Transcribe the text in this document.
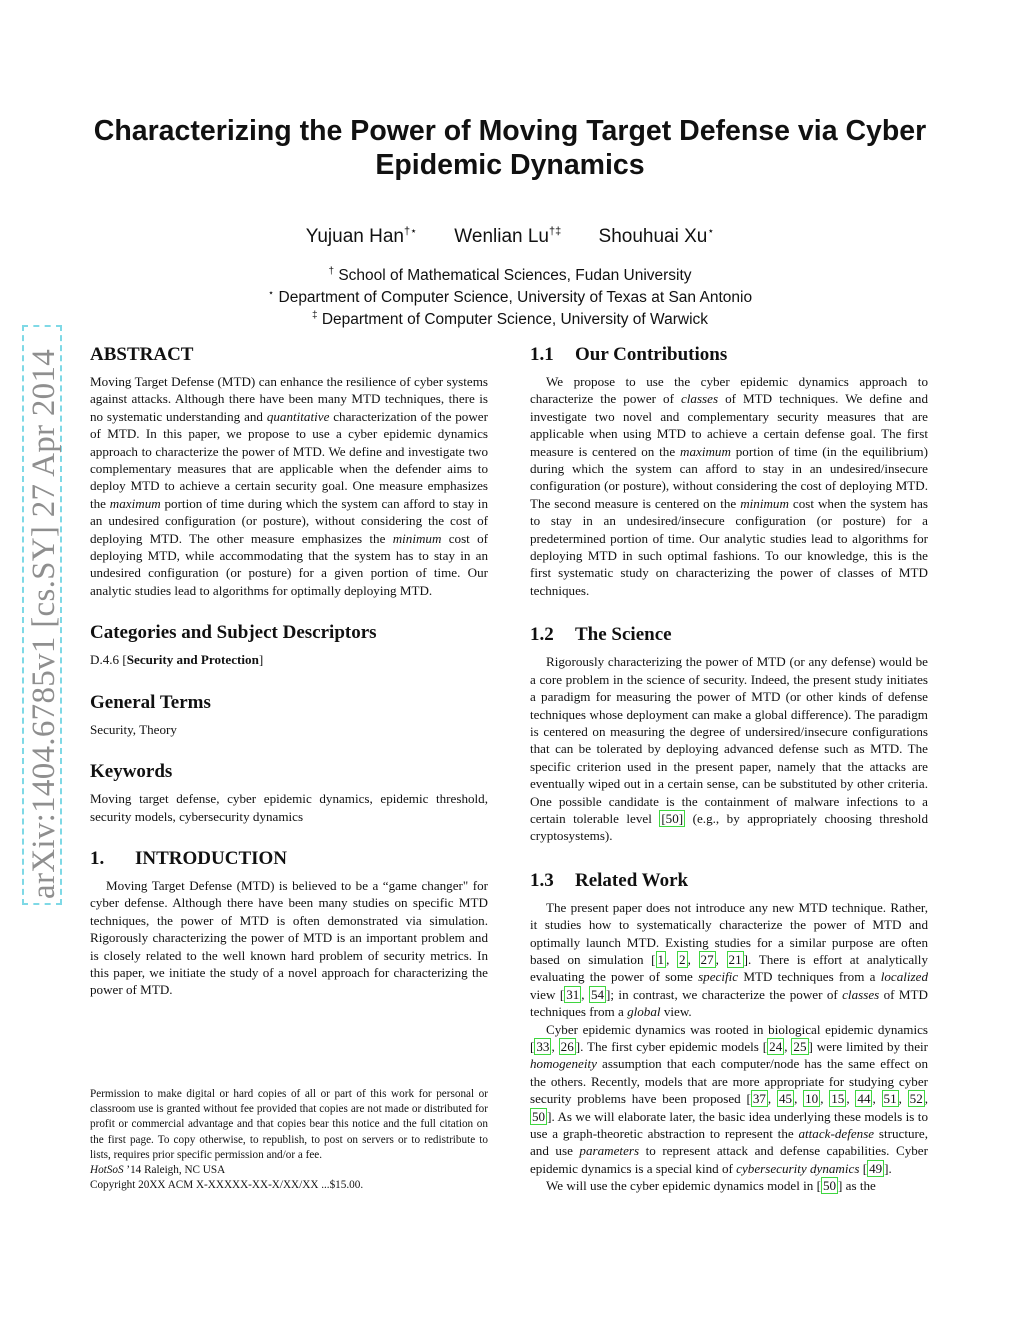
Characterizing the Power of Moving Target Defense via Cyber Epidemic Dynamics
Yujuan Han†⋆ Wenlian Lu†‡ Shouhuai Xu⋆
† School of Mathematical Sciences, Fudan University
⋆ Department of Computer Science, University of Texas at San Antonio
‡ Department of Computer Science, University of Warwick
arXiv:1404.6785v1 [cs.SY] 27 Apr 2014 ABSTRACT

Moving Target Defense (MTD) can enhance the resilience of cyber systems against attacks. Although there have been many MTD techniques, there is no systematic understanding and quantitative characterization of the power of MTD. In this paper, we propose to use a cyber epidemic dynamics approach to characterize the power of MTD. We define and investigate two complementary measures that are applicable when the defender aims to deploy MTD to achieve a certain security goal. One measure emphasizes the maximum portion of time during which the system can afford to stay in an undesired configuration (or posture), without considering the cost of deploying MTD. The other measure emphasizes the minimum cost of deploying MTD, while accommodating that the system has to stay in an undesired configuration (or posture) for a given portion of time. Our analytic studies lead to algorithms for optimally deploying MTD.

Categories and Subject Descriptors

D.4.6 [Security and Protection]

General Terms

Security, Theory

Keywords

Moving target defense, cyber epidemic dynamics, epidemic threshold, security models, cybersecurity dynamics

1. INTRODUCTION

Moving Target Defense (MTD) is believed to be a “game changer" for cyber defense. Although there have been many studies on specific MTD techniques, the power of MTD is often demonstrated via simulation. Rigorously characterizing the power of MTD is an important problem and is closely related to the well known hard problem of security metrics. In this paper, we initiate the study of a novel approach for characterizing the power of MTD.

Permission to make digital or hard copies of all or part of this work for personal or classroom use is granted without fee provided that copies are not made or distributed for profit or commercial advantage and that copies bear this notice and the full citation on the first page. To copy otherwise, to republish, to post on servers or to redistribute to lists, requires prior specific permission and/or a fee.
HotSoS ’14 Raleigh, NC USA
Copyright 20XX ACM X-XXXXX-XX-X/XX/XX ...$15.00.
1.1 Our Contributions

We propose to use the cyber epidemic dynamics approach to characterize the power of classes of MTD techniques. We define and investigate two novel and complementary security measures that are applicable when using MTD to achieve a certain defense goal. The first measure is centered on the maximum portion of time (in the equilibrium) during which the system can afford to stay in an undesired/insecure configuration (or posture), without considering the cost of deploying MTD. The second measure is centered on the minimum cost when the system has to stay in an undesired/insecure configuration (or posture) for a predetermined portion of time. Our analytic studies lead to algorithms for deploying MTD in such optimal fashions. To our knowledge, this is the first systematic study on characterizing the power of classes of MTD techniques.

1.2 The Science

Rigorously characterizing the power of MTD (or any defense) would be a core problem in the science of security. Indeed, the present study initiates a paradigm for measuring the power of MTD (or other kinds of defense techniques whose deployment can make a global difference). The paradigm is centered on measuring the degree of undersired/insecure configurations that can be tolerated by deploying advanced defense such as MTD. The specific criterion used in the present paper, namely that the attacks are eventually wiped out in a certain sense, can be substituted by other criteria. One possible candidate is the containment of malware infections to a certain tolerable level [50] (e.g., by appropriately choosing threshold cryptosystems).

1.3 Related Work

The present paper does not introduce any new MTD technique. Rather, it studies how to systematically characterize the power of MTD and optimally launch MTD. Existing studies for a similar purpose are often based on simulation [ 1 , 2 , 27 , 21 ]. There is effort at analytically evaluating the power of some specific MTD techniques from a localized view [ 31 , 54 ]; in contrast, we characterize the power of classes of MTD techniques from a global view.

Cyber epidemic dynamics was rooted in biological epidemic dynamics [ 33 , 26 ]. The first cyber epidemic models [ 24 , 25 ] were limited by their homogeneity assumption that each computer/node has the same effect on the others. Recently, models that are more appropriate for studying cyber security problems have been proposed [ 37 , 45 , 10 , 15 , 44 , 51 , 52 , 50 ]. As we will elaborate later, the basic idea underlying these models is to use a graph-theoretic abstraction to represent the attack-defense structure, and use parameters to represent attack and defense capabilities. Cyber epidemic dynamics is a special kind of cybersecurity dynamics [ 49 ].

We will use the cyber epidemic dynamics model in [ 50 ] as the
